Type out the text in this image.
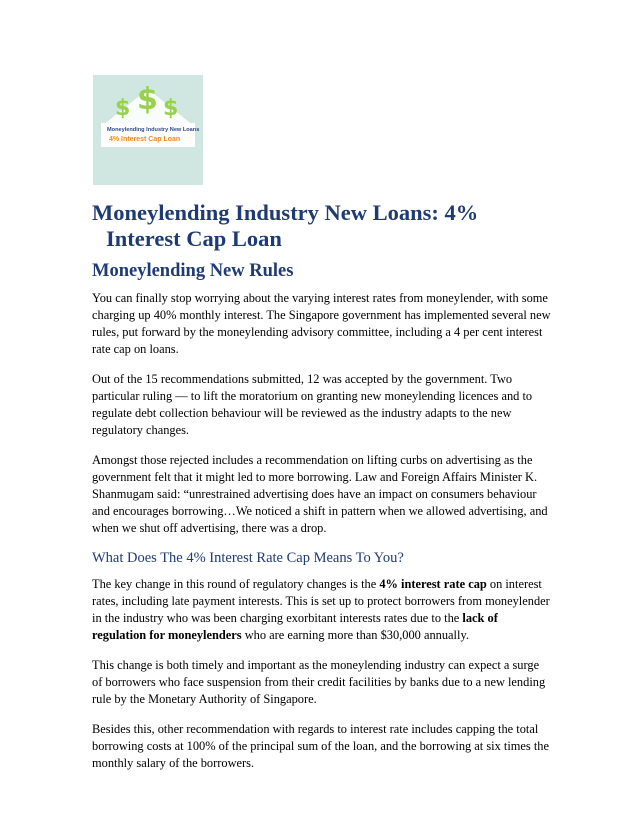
$ $ $
Moneylending Industry New Loans
4% Interest Cap Loan
Moneylending Industry New Loans: 4% Interest Cap Loan
Moneylending New Rules

You can finally stop worrying about the varying interest rates from moneylender, with some charging up 40% monthly interest. The Singapore government has implemented several new rules, put forward by the moneylending advisory committee, including a 4 per cent interest rate cap on loans.

Out of the 15 recommendations submitted, 12 was accepted by the government. Two particular ruling — to lift the moratorium on granting new moneylending licences and to regulate debt collection behaviour will be reviewed as the industry adapts to the new regulatory changes.

Amongst those rejected includes a recommendation on lifting curbs on advertising as the government felt that it might led to more borrowing. Law and Foreign Affairs Minister K. Shanmugam said: “unrestrained advertising does have an impact on consumers behaviour and encourages borrowing…We noticed a shift in pattern when we allowed advertising, and when we shut off advertising, there was a drop.

What Does The 4% Interest Rate Cap Means To You?

The key change in this round of regulatory changes is the 4% interest rate cap on interest rates, including late payment interests. This is set up to protect borrowers from moneylender in the industry who was been charging exorbitant interests rates due to the lack of regulation for moneylenders who are earning more than $30,000 annually.

This change is both timely and important as the moneylending industry can expect a surge of borrowers who face suspension from their credit facilities by banks due to a new lending rule by the Monetary Authority of Singapore.

Besides this, other recommendation with regards to interest rate includes capping the total borrowing costs at 100% of the principal sum of the loan, and the borrowing at six times the monthly salary of the borrowers.
